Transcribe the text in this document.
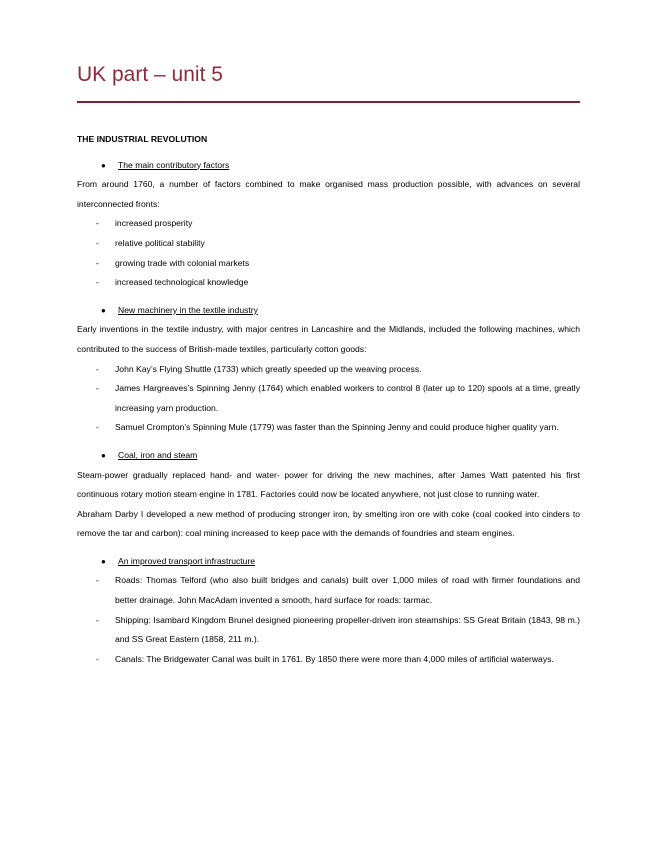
UK part – unit 5
THE INDUSTRIAL REVOLUTION
● The main contributory factors

From around 1760, a number of factors combined to make organised mass production possible, with advances on several interconnected fronts:

- increased prosperity
- relative political stability
- growing trade with colonial markets
- increased technological knowledge
● New machinery in the textile industry

Early inventions in the textile industry, with major centres in Lancashire and the Midlands, included the following machines, which contributed to the success of British-made textiles, particularly cotton goods:

- John Kay’s Flying Shuttle (1733) which greatly speeded up the weaving process.
- James Hargreaves’s Spinning Jenny (1764) which enabled workers to control 8 (later up to 120) spools at a time, greatly increasing yarn production.
- Samuel Crompton’s Spinning Mule (1779) was faster than the Spinning Jenny and could produce higher quality yarn.
● Coal, iron and steam

Steam-power gradually replaced hand- and water- power for driving the new machines, after James Watt patented his first continuous rotary motion steam engine in 1781. Factories could now be located anywhere, not just close to running water.

Abraham Darby I developed a new method of producing stronger iron, by smelting iron ore with coke (coal cooked into cinders to remove the tar and carbon): coal mining increased to keep pace with the demands of foundries and steam engines.

● An improved transport infrastructure
- Roads: Thomas Telford (who also built bridges and canals) built over 1,000 miles of road with firmer foundations and better drainage. John MacAdam invented a smooth, hard surface for roads: tarmac.
- Shipping: Isambard Kingdom Brunel designed pioneering propeller-driven iron steamships: SS Great Britain (1843, 98 m.) and SS Great Eastern (1858, 211 m.).
- Canals: The Bridgewater Canal was built in 1761. By 1850 there were more than 4,000 miles of artificial waterways.
